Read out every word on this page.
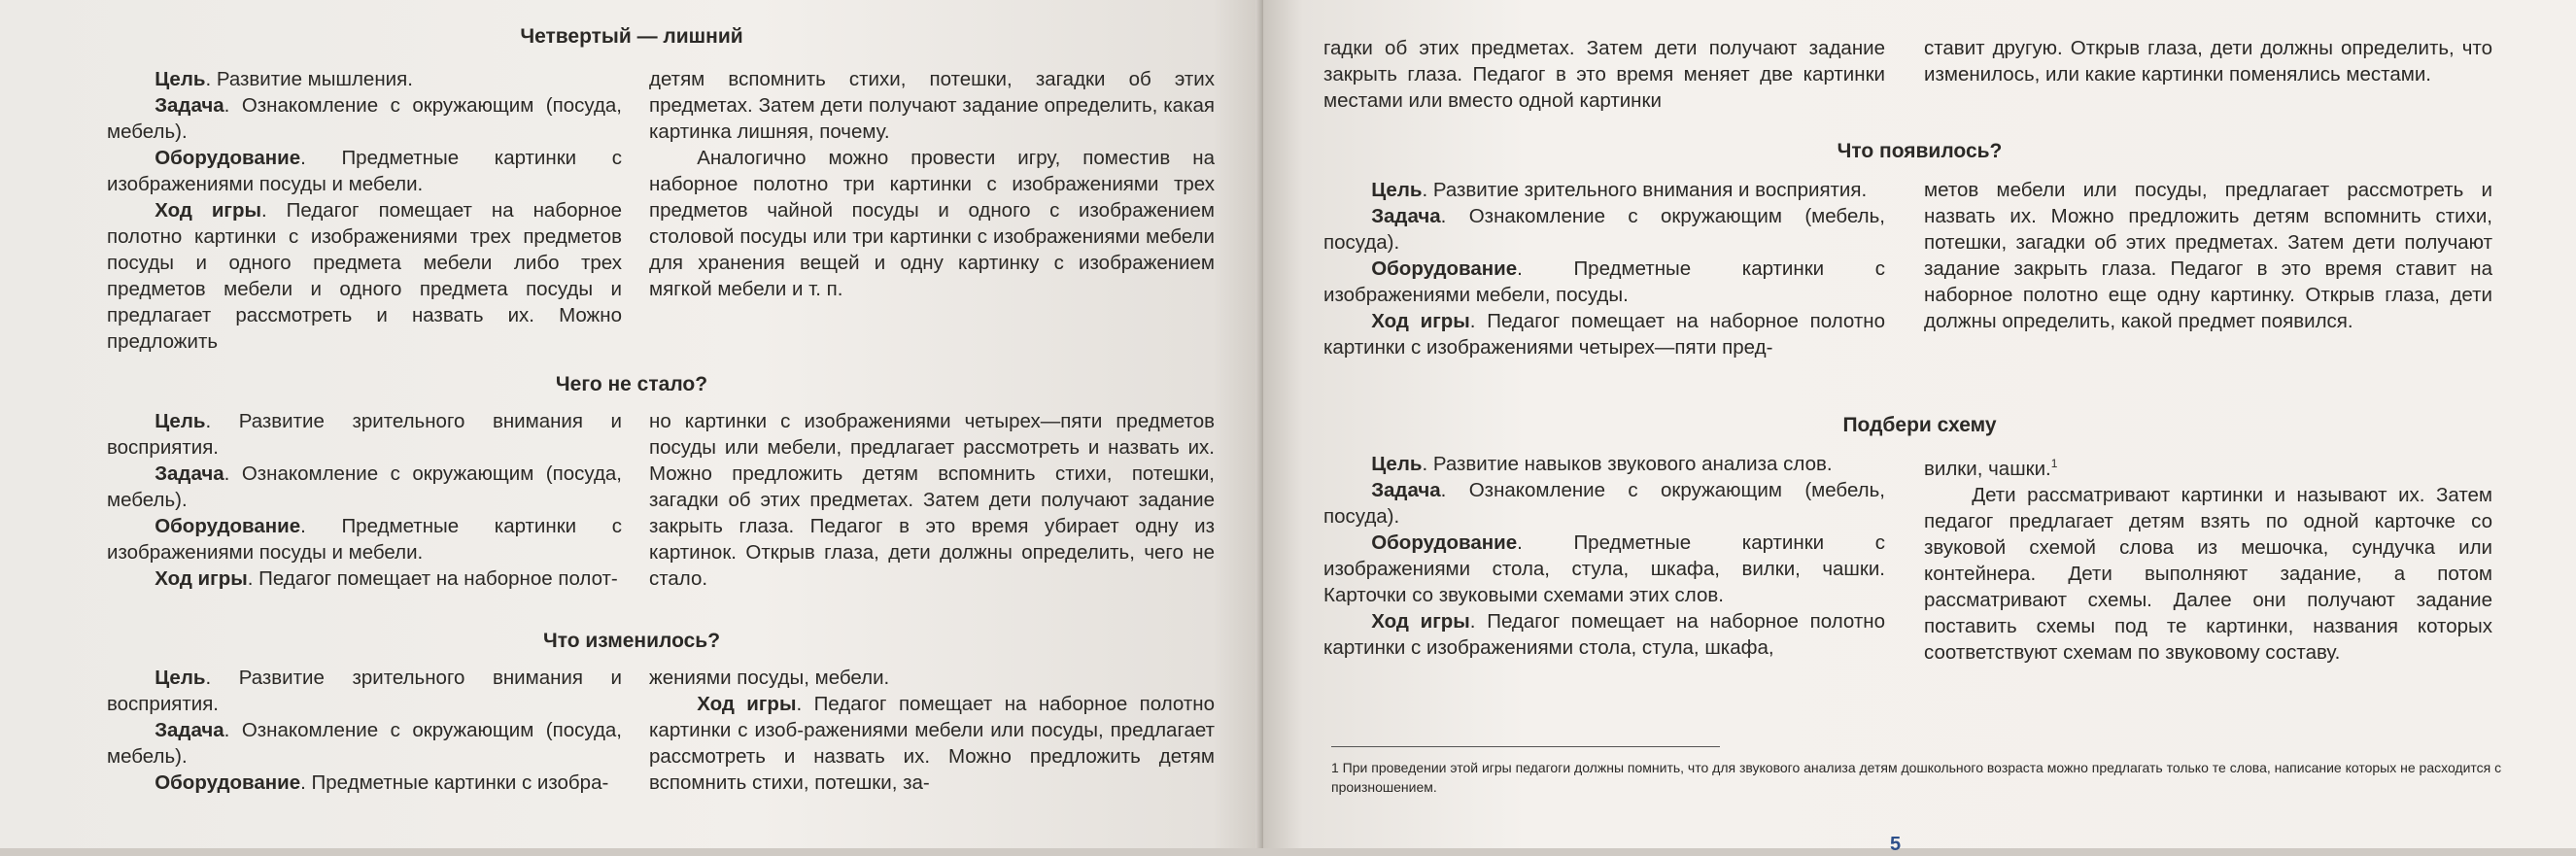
Четвертый — лишний

Цель. Развитие мышления.

Задача. Ознакомление с окружающим (посуда, мебель).

Оборудование. Предметные картинки с изображениями посуды и мебели.

Ход игры. Педагог помещает на наборное полотно картинки с изображениями трех предметов посуды и одного предмета мебели либо трех предметов мебели и одного предмета посуды и предлагает рассмотреть и назвать их. Можно предложить

детям вспомнить стихи, потешки, загадки об этих предметах. Затем дети получают задание определить, какая картинка лишняя, почему.

Аналогично можно провести игру, поместив на наборное полотно три картинки с изображениями трех предметов чайной посуды и одного с изображением столовой посуды или три картинки с изображениями мебели для хранения вещей и одну картинку с изображением мягкой мебели и т. п.

Чего не стало?

Цель. Развитие зрительного внимания и восприятия.

Задача. Ознакомление с окружающим (посуда, мебель).

Оборудование. Предметные картинки с изображениями посуды и мебели.

Ход игры. Педагог помещает на наборное полот-

но картинки с изображениями четырех—пяти предметов посуды или мебели, предлагает рассмотреть и назвать их. Можно предложить детям вспомнить стихи, потешки, загадки об этих предметах. Затем дети получают задание закрыть глаза. Педагог в это время убирает одну из картинок. Открыв глаза, дети должны определить, чего не стало.

Что изменилось?

Цель. Развитие зрительного внимания и восприятия.

Задача. Ознакомление с окружающим (посуда, мебель).

Оборудование. Предметные картинки с изобра-

жениями посуды, мебели.

Ход игры. Педагог помещает на наборное полотно картинки с изоб-ражениями мебели или посуды, предлагает рассмотреть и назвать их. Можно предложить детям вспомнить стихи, потешки, за-

гадки об этих предметах. Затем дети получают задание закрыть глаза. Педагог в это время меняет две картинки местами или вместо одной картинки

ставит другую. Открыв глаза, дети должны определить, что изменилось, или какие картинки поменялись местами.

Что появилось?

Цель. Развитие зрительного внимания и восприятия.

Задача. Ознакомление с окружающим (мебель, посуда).

Оборудование. Предметные картинки с изображениями мебели, посуды.

Ход игры. Педагог помещает на наборное полотно картинки с изображениями четырех—пяти пред-

метов мебели или посуды, предлагает рассмотреть и назвать их. Можно предложить детям вспомнить стихи, потешки, загадки об этих предметах. Затем дети получают задание закрыть глаза. Педагог в это время ставит на наборное полотно еще одну картинку. Открыв глаза, дети должны определить, какой предмет появился.

Подбери схему

Цель. Развитие навыков звукового анализа слов.

Задача. Ознакомление с окружающим (мебель, посуда).

Оборудование. Предметные картинки с изображениями стола, стула, шкафа, вилки, чашки. Карточки со звуковыми схемами этих слов.

Ход игры. Педагог помещает на наборное полотно картинки с изображениями стола, стула, шкафа,

вилки, чашки.$^1$

Дети рассматривают картинки и называют их. Затем педагог предлагает детям взять по одной карточке со звуковой схемой слова из мешочка, сундучка или контейнера. Дети выполняют задание, а потом рассматривают схемы. Далее они получают задание поставить схемы под те картинки, названия которых соответствуют схемам по звуковому составу.

1 При проведении этой игры педагоги должны помнить, что для звукового анализа детям дошкольного возраста можно предлагать только те слова, написание которых не расходится с произношением.
5
